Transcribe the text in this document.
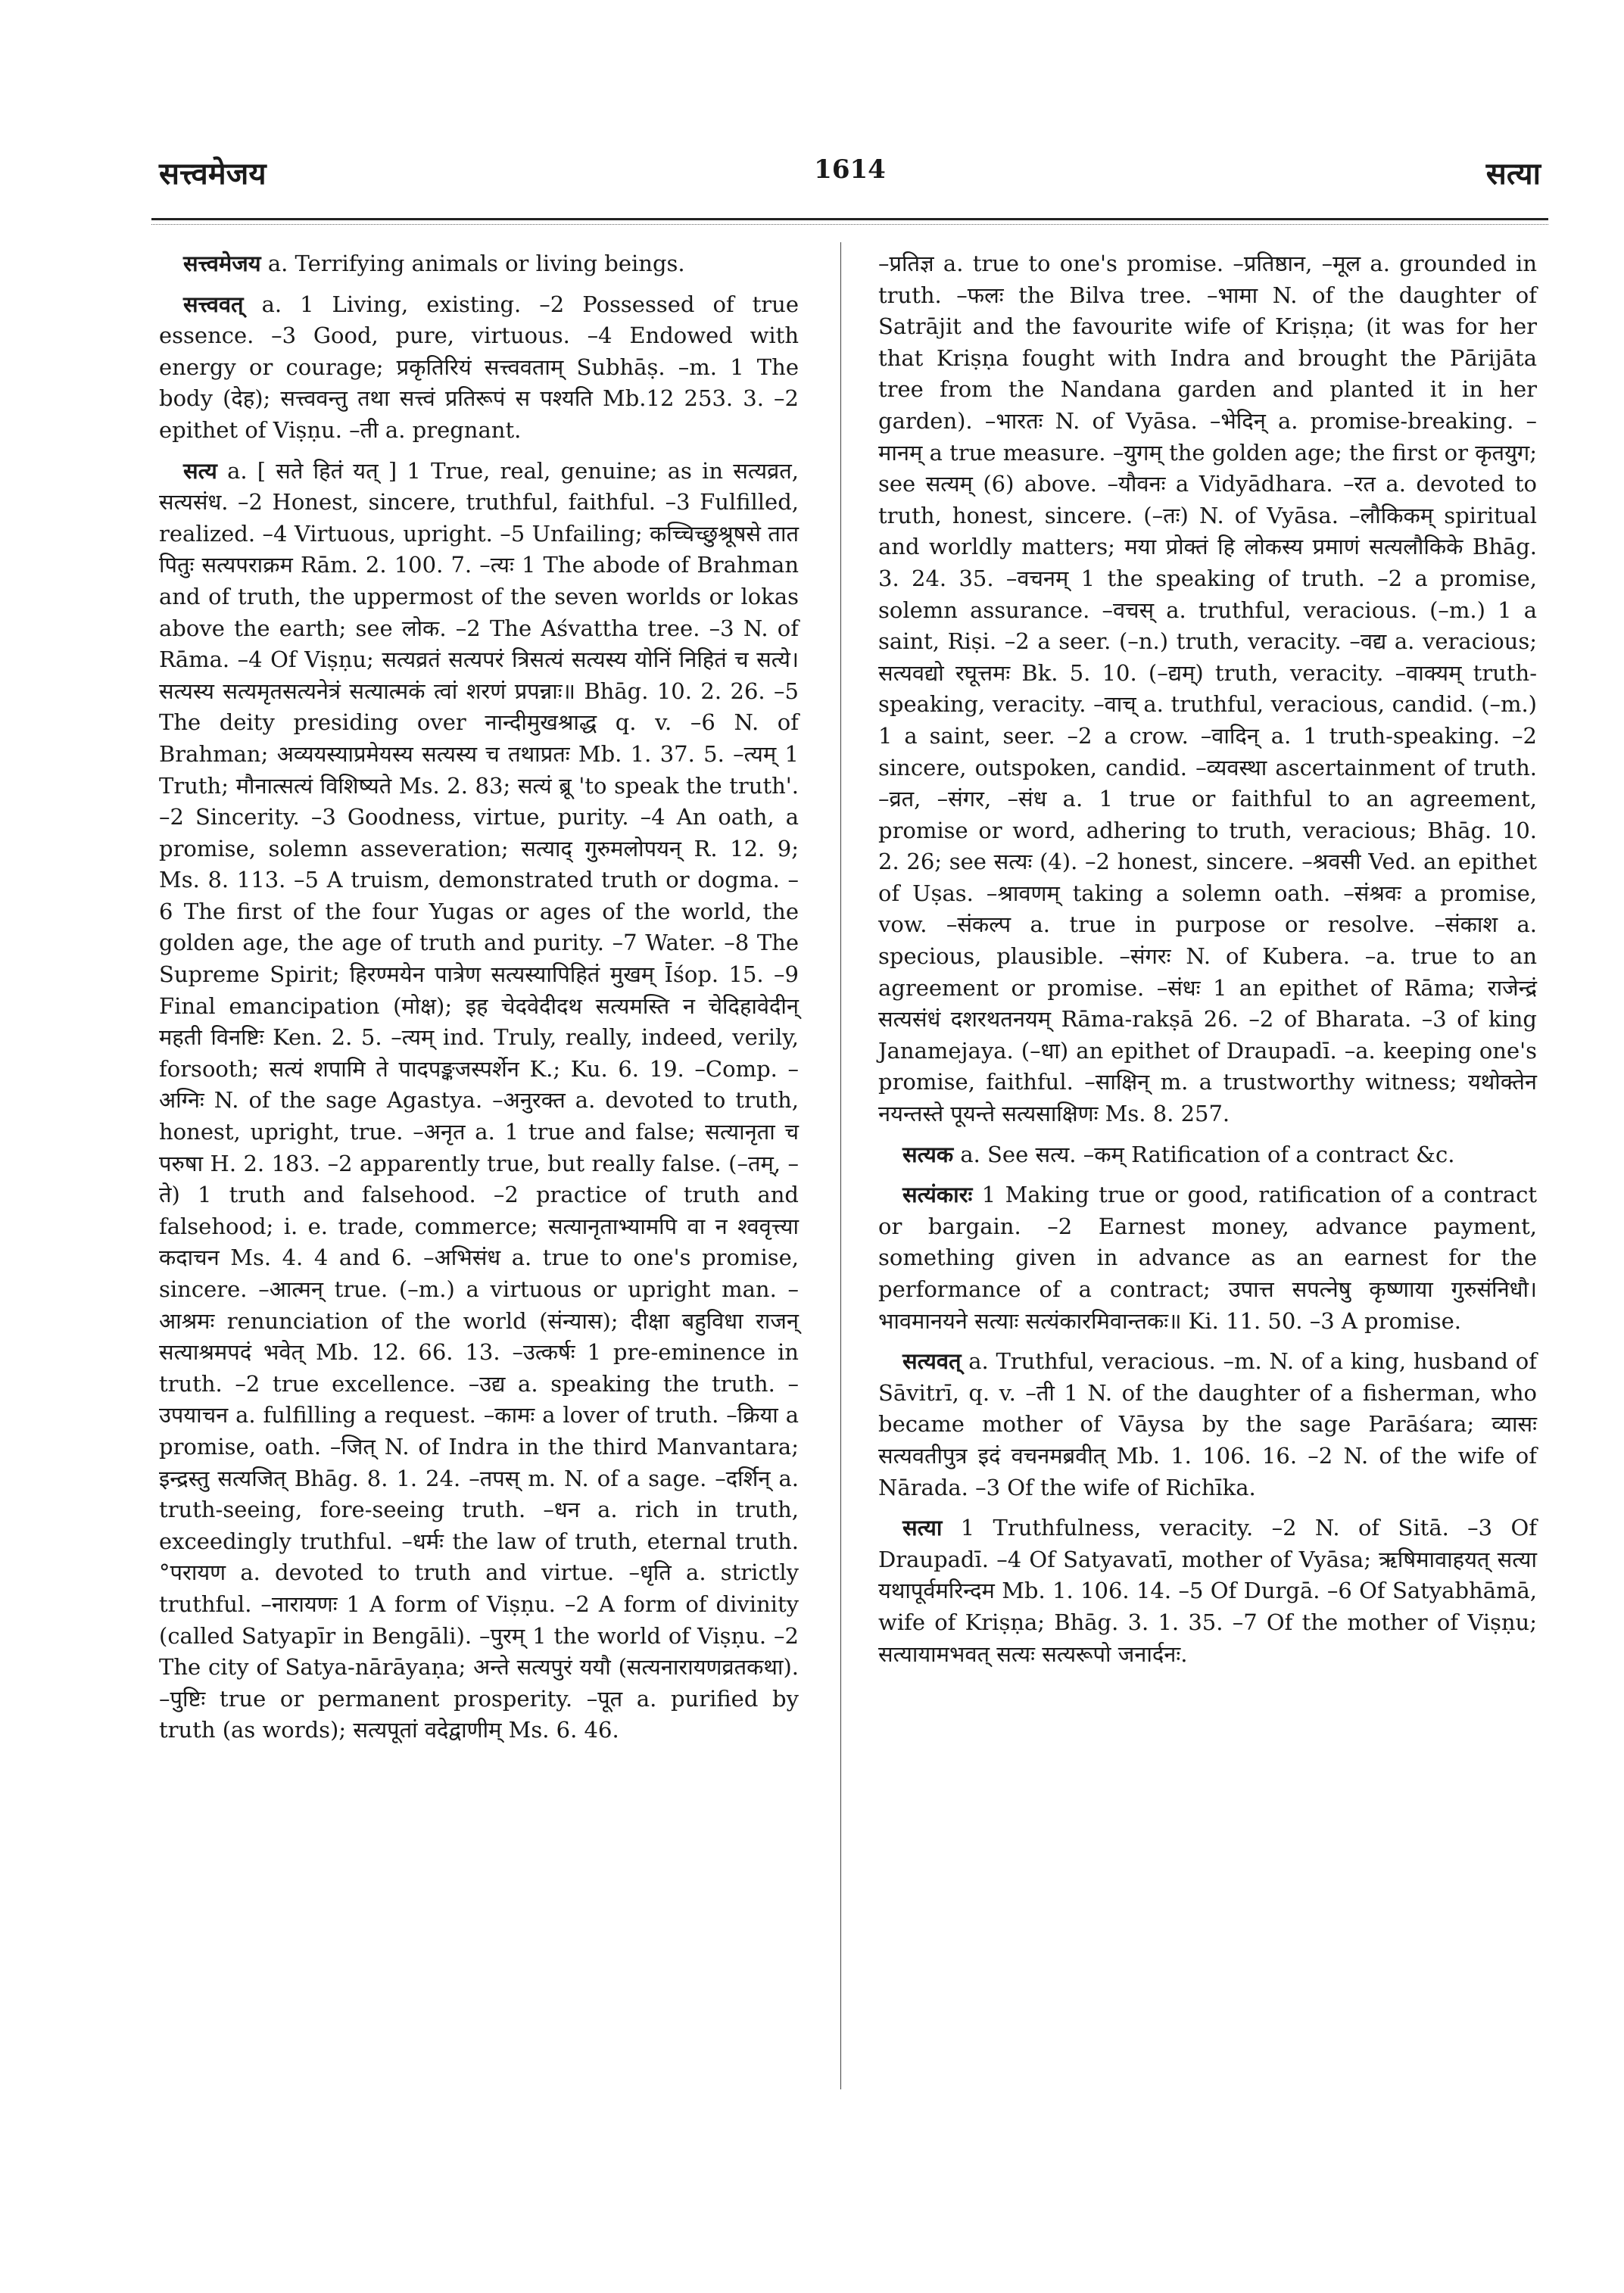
सत्त्वमेजय	1614	सत्या

सत्त्वमेजय a. Terrifying animals or living beings.

सत्त्ववत् a. 1 Living, existing. –2 Possessed of true essence. –3 Good, pure, virtuous. –4 Endowed with energy or courage; प्रकृतिरियं सत्त्ववताम् Subhāṣ. –m. 1 The body (देह); सत्त्ववन्तु तथा सत्त्वं प्रतिरूपं स पश्यति Mb.12 253. 3. –2 epithet of Viṣṇu. –ती a. pregnant.

सत्य a. [ सते हितं यत् ] 1 True, real, genuine; as in सत्यव्रत, सत्यसंध. –2 Honest, sincere, truthful, faithful. –3 Fulfilled, realized. –4 Virtuous, upright. –5 Unfailing; कच्चिच्छुश्रूषसे तात पितुः सत्यपराक्रम Rām. 2. 100. 7. –त्यः 1 The abode of Brahman and of truth, the uppermost of the seven worlds or lokas above the earth; see लोक. –2 The Aśvattha tree. –3 N. of Rāma. –4 Of Viṣṇu; सत्यव्रतं सत्यपरं त्रिसत्यं सत्यस्य योनिं निहितं च सत्ये। सत्यस्य सत्यमृतसत्यनेत्रं सत्यात्मकं त्वां शरणं प्रपन्नाः॥ Bhāg. 10. 2. 26. –5 The deity presiding over नान्दीमुखश्राद्ध q. v. –6 N. of Brahman; अव्ययस्याप्रमेयस्य सत्यस्य च तथाप्रतः Mb. 1. 37. 5. –त्यम् 1 Truth; मौनात्सत्यं विशिष्यते Ms. 2. 83; सत्यं ब्रू 'to speak the truth'. –2 Sincerity. –3 Goodness, virtue, purity. –4 An oath, a promise, solemn asseveration; सत्याद् गुरुमलोपयन् R. 12. 9; Ms. 8. 113. –5 A truism, demonstrated truth or dogma. –6 The first of the four Yugas or ages of the world, the golden age, the age of truth and purity. –7 Water. –8 The Supreme Spirit; हिरण्मयेन पात्रेण सत्यस्यापिहितं मुखम् Īśop. 15. –9 Final emancipation (मोक्ष); इह चेदवेदीदथ सत्यमस्ति न चेदिहावेदीन् महती विनष्टिः Ken. 2. 5. –त्यम् ind. Truly, really, indeed, verily, forsooth; सत्यं शपामि ते पादपङ्कजस्पर्शेन K.; Ku. 6. 19. –Comp. –अग्निः N. of the sage Agastya. –अनुरक्त a. devoted to truth, honest, upright, true. –अनृत a. 1 true and false; सत्यानृता च परुषा H. 2. 183. –2 apparently true, but really false. (–तम्, –ते) 1 truth and falsehood. –2 practice of truth and falsehood; i. e. trade, commerce; सत्यानृताभ्यामपि वा न श्ववृत्त्या कदाचन Ms. 4. 4 and 6. –अभिसंध a. true to one's promise, sincere. –आत्मन् true. (–m.) a virtuous or upright man. –आश्रमः renunciation of the world (संन्यास); दीक्षा बहुविधा राजन् सत्याश्रमपदं भवेत् Mb. 12. 66. 13. –उत्कर्षः 1 pre-eminence in truth. –2 true excellence. –उद्य a. speaking the truth. –उपयाचन a. fulfilling a request. –कामः a lover of truth. –क्रिया a promise, oath. –जित् N. of Indra in the third Manvantara; इन्द्रस्तु सत्यजित् Bhāg. 8. 1. 24. –तपस् m. N. of a sage. –दर्शिन् a. truth-seeing, fore-seeing truth. –धन a. rich in truth, exceedingly truthful. –धर्मः the law of truth, eternal truth. °परायण a. devoted to truth and virtue. –धृति a. strictly truthful. –नारायणः 1 A form of Viṣṇu. –2 A form of divinity (called Satyapīr in Bengāli). –पुरम् 1 the world of Viṣṇu. –2 The city of Satya-nārāyaṇa; अन्ते सत्यपुरं ययौ (सत्यनारायणव्रतकथा). –पुष्टिः true or permanent prosperity. –पूत a. purified by truth (as words); सत्यपूतां वदेद्वाणीम् Ms. 6. 46.

–प्रतिज्ञ a. true to one's promise. –प्रतिष्ठान, –मूल a. grounded in truth. –फलः the Bilva tree. –भामा N. of the daughter of Satrājit and the favourite wife of Kriṣṇa; (it was for her that Kriṣṇa fought with Indra and brought the Pārijāta tree from the Nandana garden and planted it in her garden). –भारतः N. of Vyāsa. –भेदिन् a. promise-breaking. –मानम् a true measure. –युगम् the golden age; the first or कृतयुग; see सत्यम् (6) above. –यौवनः a Vidyādhara. –रत a. devoted to truth, honest, sincere. (–तः) N. of Vyāsa. –लौकिकम् spiritual and worldly matters; मया प्रोक्तं हि लोकस्य प्रमाणं सत्यलौकिके Bhāg. 3. 24. 35. –वचनम् 1 the speaking of truth. –2 a promise, solemn assurance. –वचस् a. truthful, veracious. (–m.) 1 a saint, Riṣi. –2 a seer. (–n.) truth, veracity. –वद्य a. veracious; सत्यवद्यो रघूत्तमः Bk. 5. 10. (–द्यम्) truth, veracity. –वाक्यम् truth-speaking, veracity. –वाच् a. truthful, veracious, candid. (–m.) 1 a saint, seer. –2 a crow. –वादिन् a. 1 truth-speaking. –2 sincere, outspoken, candid. –व्यवस्था ascertainment of truth. –व्रत, –संगर, –संध a. 1 true or faithful to an agreement, promise or word, adhering to truth, veracious; Bhāg. 10. 2. 26; see सत्यः (4). –2 honest, sincere. –श्रवसी Ved. an epithet of Uṣas. –श्रावणम् taking a solemn oath. –संश्रवः a promise, vow. –संकल्प a. true in purpose or resolve. –संकाश a. specious, plausible. –संगरः N. of Kubera. –a. true to an agreement or promise. –संधः 1 an epithet of Rāma; राजेन्द्रं सत्यसंधं दशरथतनयम् Rāma-rakṣā 26. –2 of Bharata. –3 of king Janamejaya. (–धा) an epithet of Draupadī. –a. keeping one's promise, faithful. –साक्षिन् m. a trustworthy witness; यथोक्तेन नयन्तस्ते पूयन्ते सत्यसाक्षिणः Ms. 8. 257.

सत्यक a. See सत्य. –कम् Ratification of a contract &c.

सत्यंकारः 1 Making true or good, ratification of a contract or bargain. –2 Earnest money, advance payment, something given in advance as an earnest for the performance of a contract; उपात्त सपत्नेषु कृष्णाया गुरुसंनिधौ। भावमानयने सत्याः सत्यंकारमिवान्तकः॥ Ki. 11. 50. –3 A promise.

सत्यवत् a. Truthful, veracious. –m. N. of a king, husband of Sāvitrī, q. v. –ती 1 N. of the daughter of a fisherman, who became mother of Vāysa by the sage Parāśara; व्यासः सत्यवतीपुत्र इदं वचनमब्रवीत् Mb. 1. 106. 16. –2 N. of the wife of Nārada. –3 Of the wife of Richīka.

सत्या 1 Truthfulness, veracity. –2 N. of Sitā. –3 Of Draupadī. –4 Of Satyavatī, mother of Vyāsa; ऋषिमावाहयत् सत्या यथापूर्वमरिन्दम Mb. 1. 106. 14. –5 Of Durgā. –6 Of Satyabhāmā, wife of Kriṣṇa; Bhāg. 3. 1. 35. –7 Of the mother of Viṣṇu; सत्यायामभवत् सत्यः सत्यरूपो जनार्दनः.
